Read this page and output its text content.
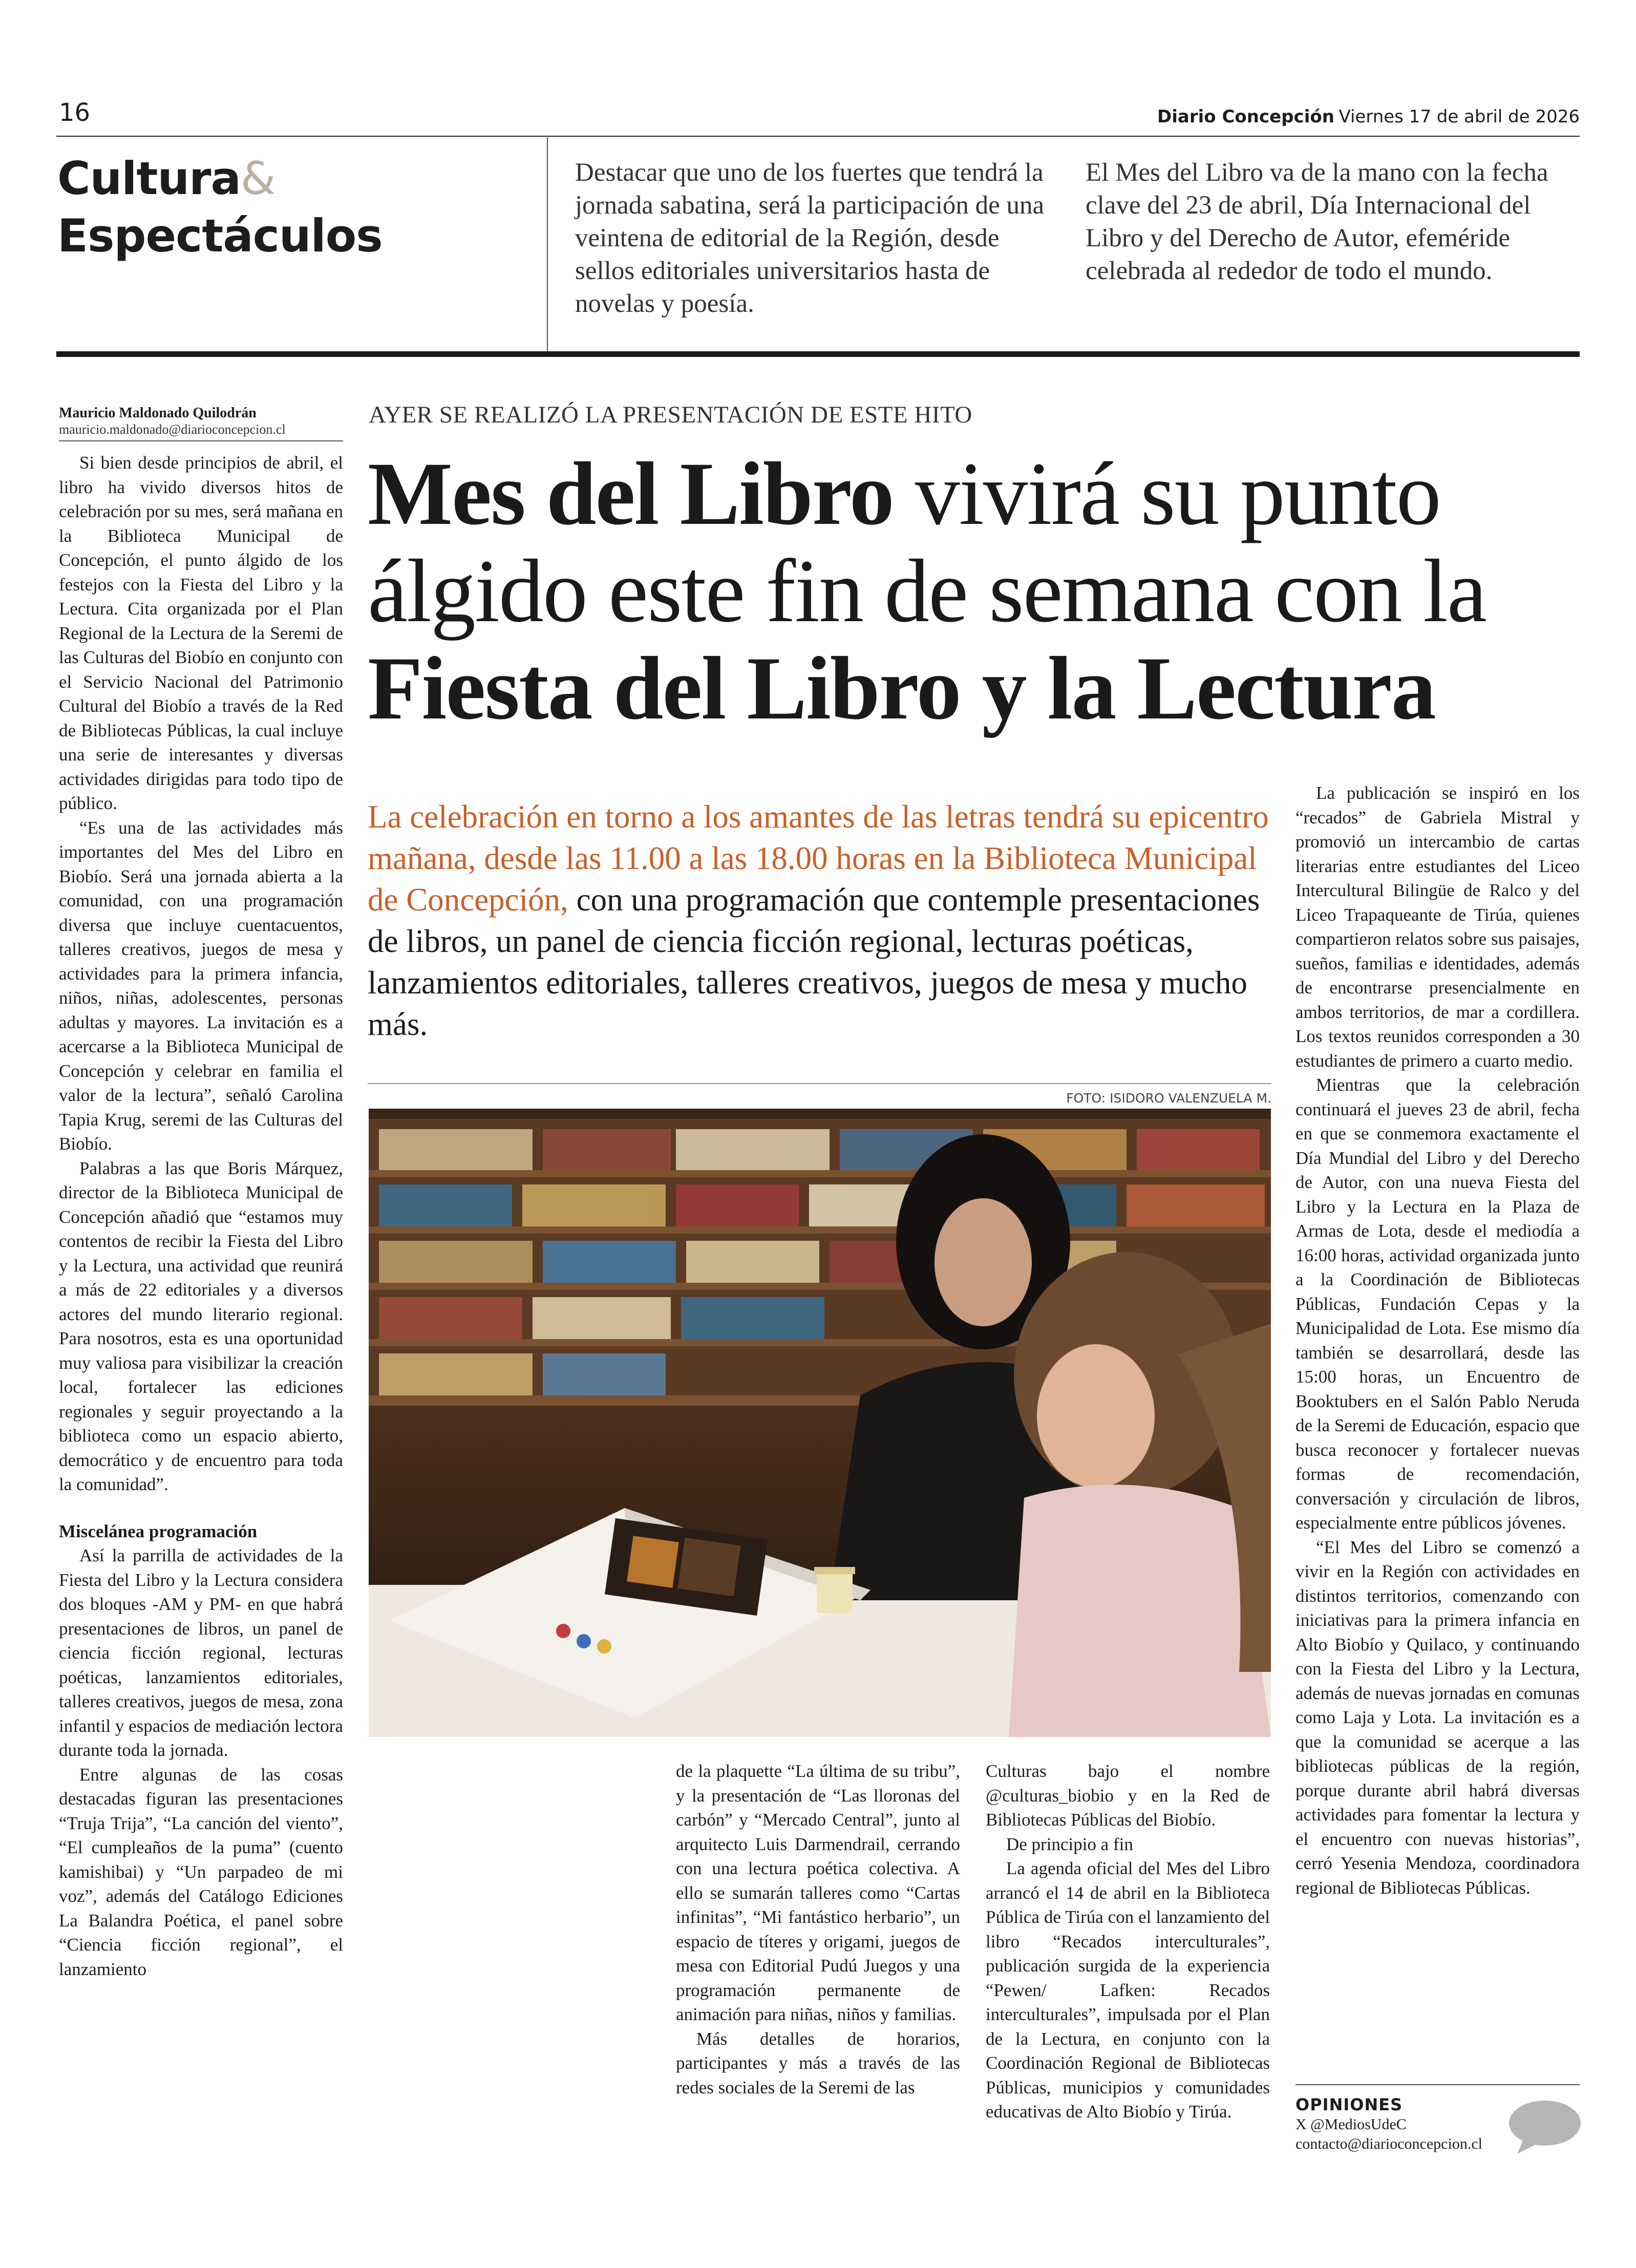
16	Diario Concepción Viernes 17 de abril de 2026
Cultura&
Espectáculos
Destacar que uno de los fuertes que tendrá la jornada sabatina, será la participación de una veintena de editorial de la Región, desde sellos editoriales universitarios hasta de novelas y poesía.
El Mes del Libro va de la mano con la fecha clave del 23 de abril, Día Internacional del Libro y del Derecho de Autor, efeméride celebrada al rededor de todo el mundo.
Mauricio Maldonado Quilodrán
mauricio.maldonado@diarioconcepcion.cl
AYER SE REALIZÓ LA PRESENTACIÓN DE ESTE HITO
Mes del Libro vivirá su punto álgido este fin de semana con la Fiesta del Libro y la Lectura
La celebración en torno a los amantes de las letras tendrá su epicentro mañana, desde las 11.00 a las 18.00 horas en la Biblioteca Municipal de Concepción, con una programación que contemple presentaciones de libros, un panel de ciencia ficción regional, lecturas poéticas, lanzamientos editoriales, talleres creativos, juegos de mesa y mucho más.
FOTO: ISIDORO VALENZUELA M.

Si bien desde principios de abril, el libro ha vivido diversos hitos de celebración por su mes, será mañana en la Biblioteca Municipal de Concepción, el punto álgido de los festejos con la Fiesta del Libro y la Lectura. Cita organizada por el Plan Regional de la Lectura de la Seremi de las Culturas del Biobío en conjunto con el Servicio Nacional del Patrimonio Cultural del Biobío a través de la Red de Bibliotecas Públicas, la cual incluye una serie de interesantes y diversas actividades dirigidas para todo tipo de público.

“Es una de las actividades más importantes del Mes del Libro en Biobío. Será una jornada abierta a la comunidad, con una programación diversa que incluye cuentacuentos, talleres creativos, juegos de mesa y actividades para la primera infancia, niños, niñas, adolescentes, personas adultas y mayores. La invitación es a acercarse a la Biblioteca Municipal de Concepción y celebrar en familia el valor de la lectura”, señaló Carolina Tapia Krug, seremi de las Culturas del Biobío.

Palabras a las que Boris Márquez, director de la Biblioteca Municipal de Concepción añadió que “estamos muy contentos de recibir la Fiesta del Libro y la Lectura, una actividad que reunirá a más de 22 editoriales y a diversos actores del mundo literario regional. Para nosotros, esta es una oportunidad muy valiosa para visibilizar la creación local, fortalecer las ediciones regionales y seguir proyectando a la biblioteca como un espacio abierto, democrático y de encuentro para toda la comunidad”.

Miscelánea programación

Así la parrilla de actividades de la Fiesta del Libro y la Lectura considera dos bloques -AM y PM- en que habrá presentaciones de libros, un panel de ciencia ficción regional, lecturas poéticas, lanzamientos editoriales, talleres creativos, juegos de mesa, zona infantil y espacios de mediación lectora durante toda la jornada.

Entre algunas de las cosas destacadas figuran las presentaciones “Truja Trija”, “La canción del viento”, “El cumpleaños de la puma” (cuento kamishibai) y “Un parpadeo de mi voz”, además del Catálogo Ediciones La Balandra Poética, el panel sobre “Ciencia ficción regional”, el lanzamiento

de la plaquette “La última de su tribu”, y la presentación de “Las lloronas del carbón” y “Mercado Central”, junto al arquitecto Luis Darmendrail, cerrando con una lectura poética colectiva. A ello se sumarán talleres como “Cartas infinitas”, “Mi fantástico herbario”, un espacio de títeres y origami, juegos de mesa con Editorial Pudú Juegos y una programación permanente de animación para niñas, niños y familias.

Más detalles de horarios, participantes y más a través de las redes sociales de la Seremi de las

Culturas bajo el nombre @culturas_biobio y en la Red de Bibliotecas Públicas del Biobío.

De principio a fin

La agenda oficial del Mes del Libro arrancó el 14 de abril en la Biblioteca Pública de Tirúa con el lanzamiento del libro “Recados interculturales”, publicación surgida de la experiencia “Pewen/ Lafken: Recados interculturales”, impulsada por el Plan de la Lectura, en conjunto con la Coordinación Regional de Bibliotecas Públicas, municipios y comunidades educativas de Alto Biobío y Tirúa.

La publicación se inspiró en los “recados” de Gabriela Mistral y promovió un intercambio de cartas literarias entre estudiantes del Liceo Intercultural Bilingüe de Ralco y del Liceo Trapaqueante de Tirúa, quienes compartieron relatos sobre sus paisajes, sueños, familias e identidades, además de encontrarse presencialmente en ambos territorios, de mar a cordillera. Los textos reunidos corresponden a 30 estudiantes de primero a cuarto medio.

Mientras que la celebración continuará el jueves 23 de abril, fecha en que se conmemora exactamente el Día Mundial del Libro y del Derecho de Autor, con una nueva Fiesta del Libro y la Lectura en la Plaza de Armas de Lota, desde el mediodía a 16:00 horas, actividad organizada junto a la Coordinación de Bibliotecas Públicas, Fundación Cepas y la Municipalidad de Lota. Ese mismo día también se desarrollará, desde las 15:00 horas, un Encuentro de Booktubers en el Salón Pablo Neruda de la Seremi de Educación, espacio que busca reconocer y fortalecer nuevas formas de recomendación, conversación y circulación de libros, especialmente entre públicos jóvenes.

“El Mes del Libro se comenzó a vivir en la Región con actividades en distintos territorios, comenzando con iniciativas para la primera infancia en Alto Biobío y Quilaco, y continuando con la Fiesta del Libro y la Lectura, además de nuevas jornadas en comunas como Laja y Lota. La invitación es a que la comunidad se acerque a las bibliotecas públicas de la región, porque durante abril habrá diversas actividades para fomentar la lectura y el encuentro con nuevas historias”, cerró Yesenia Mendoza, coordinadora regional de Bibliotecas Públicas.

OPINIONES
X @MediosUdeC
contacto@diarioconcepcion.cl
